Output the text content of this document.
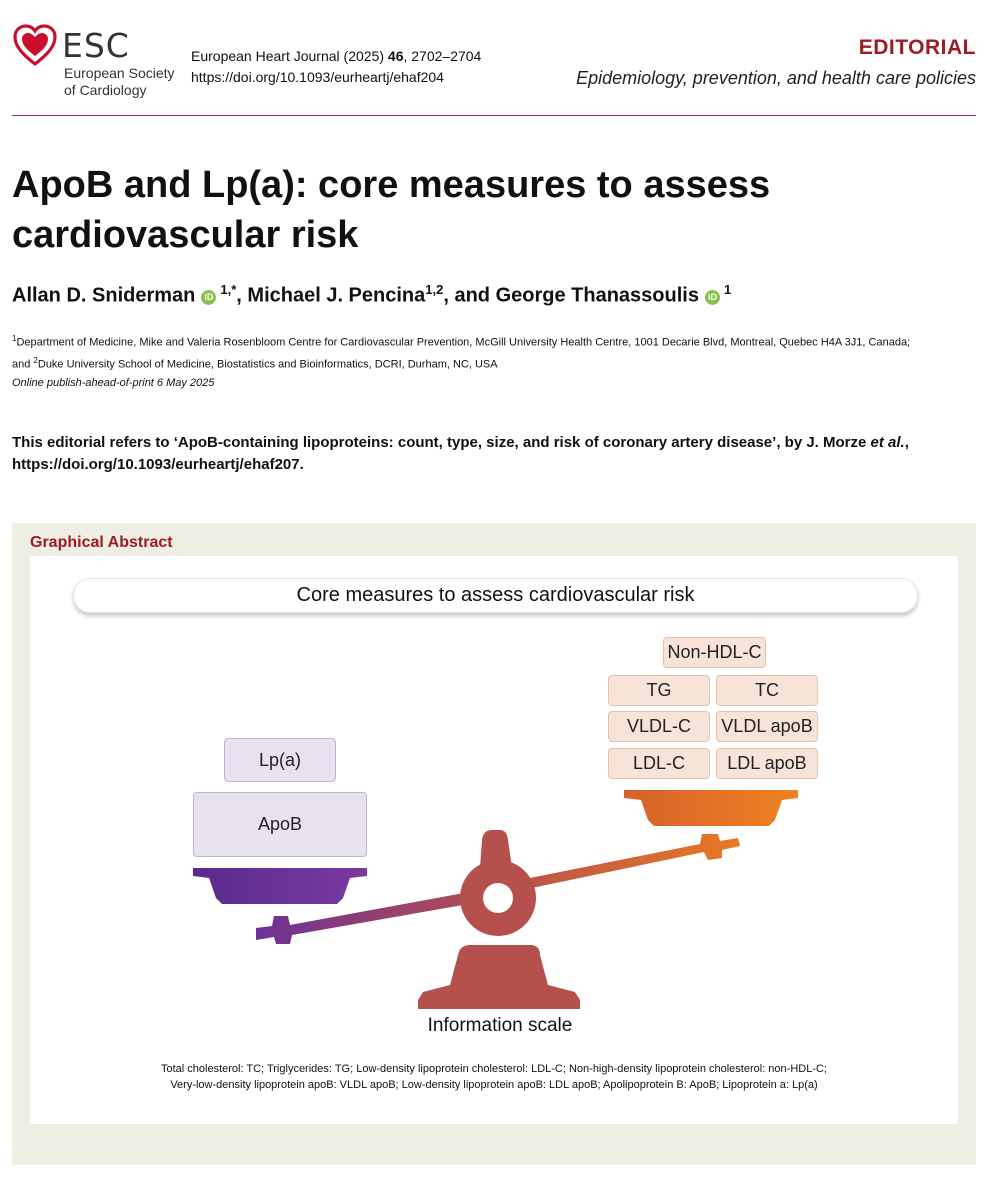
ESC
European Society
of Cardiology
European Heart Journal (2025) 46, 2702–2704
https://doi.org/10.1093/eurheartj/ehaf204
EDITORIAL
Epidemiology, prevention, and health care policies
ApoB and Lp(a): core measures to assess
cardiovascular risk
Allan D. Sniderman iD $^{1,*}$, Michael J. Pencina$^{1,2}$, and George Thanassoulis iD $^1$
$^1$Department of Medicine, Mike and Valeria Rosenbloom Centre for Cardiovascular Prevention, McGill University Health Centre, 1001 Decarie Blvd, Montreal, Quebec H4A 3J1, Canada;
and $^2$Duke University School of Medicine, Biostatistics and Bioinformatics, DCRI, Durham, NC, USA
Online publish-ahead-of-print 6 May 2025
This editorial refers to ‘ApoB-containing lipoproteins: count, type, size, and risk of coronary artery disease’, by J. Morze et al., https://doi.org/10.1093/eurheartj/ehaf207.
Graphical Abstract
Core measures to assess cardiovascular risk
Lp(a)
ApoB
Non-HDL-C
TG	TC
VLDL-C	VLDL apoB
LDL-C	LDL apoB
Information scale
Total cholesterol: TC; Triglycerides: TG; Low-density lipoprotein cholesterol: LDL-C; Non-high-density lipoprotein cholesterol: non-HDL-C;
Very-low-density lipoprotein apoB: VLDL apoB; Low-density lipoprotein apoB: LDL apoB; Apolipoprotein B: ApoB; Lipoprotein a: Lp(a)
